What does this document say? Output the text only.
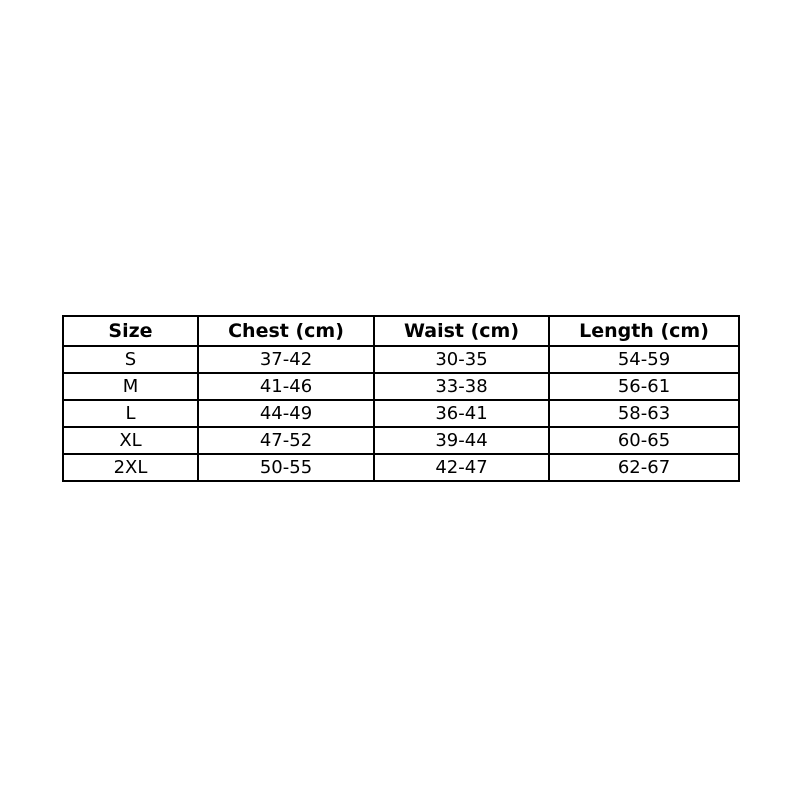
Size	Chest (cm)	Waist (cm)	Length (cm)
S	37-42	30-35	54-59
M	41-46	33-38	56-61
L	44-49	36-41	58-63
XL	47-52	39-44	60-65
2XL	50-55	42-47	62-67
